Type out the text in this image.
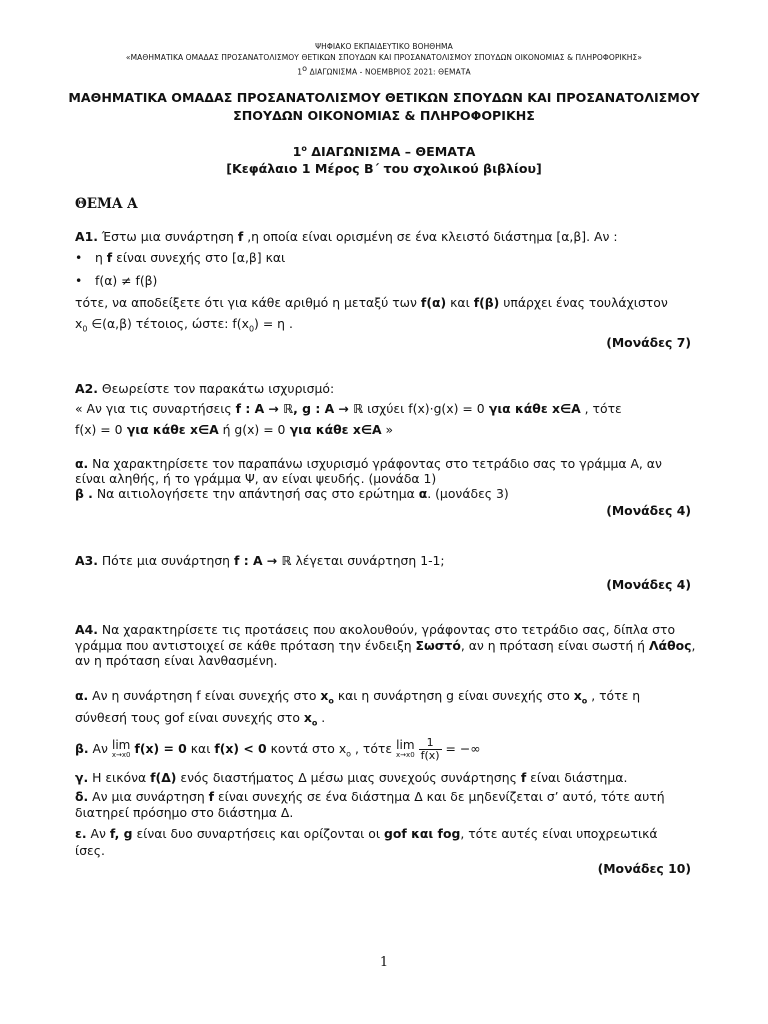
ΨΗΦΙΑΚΟ ΕΚΠΑΙΔΕΥΤΙΚΟ ΒΟΗΘΗΜΑ
«ΜΑΘΗΜΑΤΙΚΑ ΟΜΑΔΑΣ ΠΡΟΣΑΝΑΤΟΛΙΣΜΟΥ ΘΕΤΙΚΩΝ ΣΠΟΥΔΩΝ ΚΑΙ ΠΡΟΣΑΝΑΤΟΛΙΣΜΟΥ ΣΠΟΥΔΩΝ ΟΙΚΟΝΟΜΙΑΣ & ΠΛΗΡΟΦΟΡΙΚΗΣ»
$1^o$ ΔΙΑΓΩΝΙΣΜΑ - ΝΟΕΜΒΡΙΟΣ 2021: ΘΕΜΑΤΑ
ΜΑΘΗΜΑΤΙΚΑ ΟΜΑΔΑΣ ΠΡΟΣΑΝΑΤΟΛΙΣΜΟΥ ΘΕΤΙΚΩΝ ΣΠΟΥΔΩΝ ΚΑΙ ΠΡΟΣΑΝΑΤΟΛΙΣΜΟΥ
ΣΠΟΥΔΩΝ ΟΙΚΟΝΟΜΙΑΣ & ΠΛΗΡΟΦΟΡΙΚΗΣ
$1^o$ ΔΙΑΓΩΝΙΣΜΑ – ΘΕΜΑΤΑ
[Κεφάλαιο 1 Μέρος Β΄ του σχολικού βιβλίου]
ΘΕΜΑ Α
Α1. Έστω μια συνάρτηση f ,η οποία είναι ορισμένη σε ένα κλειστό διάστημα [α,β]. Αν :
• η f είναι συνεχής στο [α,β] και
• f(α) ≠ f(β)
τότε, να αποδείξετε ότι για κάθε αριθμό η μεταξύ των f(α) και f(β) υπάρχει ένας τουλάχιστον
$x_0$ ∈(α,β) τέτοιος, ώστε: $f(x_0) = \eta$ .
(Μονάδες 7)
Α2. Θεωρείστε τον παρακάτω ισχυρισμό:
« Αν για τις συναρτήσεις f : A → ℝ, g : A → ℝ ισχύει f(x)·g(x) = 0 για κάθε x∈A , τότε
f(x) = 0 για κάθε x∈A ή g(x) = 0 για κάθε x∈A »
α. Να χαρακτηρίσετε τον παραπάνω ισχυρισμό γράφοντας στο τετράδιο σας το γράμμα Α, αν
είναι αληθής, ή το γράμμα Ψ, αν είναι ψευδής. (μονάδα 1)
β . Να αιτιολογήσετε την απάντησή σας στο ερώτημα α. (μονάδες 3)
(Μονάδες 4)
Α3. Πότε μια συνάρτηση f : A → ℝ λέγεται συνάρτηση 1-1;
(Μονάδες 4)
Α4. Να χαρακτηρίσετε τις προτάσεις που ακολουθούν, γράφοντας στο τετράδιο σας, δίπλα στο
γράμμα που αντιστοιχεί σε κάθε πρόταση την ένδειξη Σωστό, αν η πρόταση είναι σωστή ή Λάθος,
αν η πρόταση είναι λανθασμένη.
α. Αν η συνάρτηση f είναι συνεχής στο $x_o$ και η συνάρτηση g είναι συνεχής στο $x_o$ , τότε η
σύνθεσή τους gof είναι συνεχής στο $x_o$ .
β. Αν lim
x→x0 f(x) = 0 και f(x) < 0 κοντά στο $x_o$ , τότε lim
x→x0
$\frac{1}{f(x)}$ = −∞
γ. Η εικόνα f(Δ) ενός διαστήματος Δ μέσω μιας συνεχούς συνάρτησης f είναι διάστημα.
δ. Αν μια συνάρτηση f είναι συνεχής σε ένα διάστημα Δ και δε μηδενίζεται σ’ αυτό, τότε αυτή
διατηρεί πρόσημο στο διάστημα Δ.
ε. Αν f, g είναι δυο συναρτήσεις και ορίζονται οι gof και fog, τότε αυτές είναι υποχρεωτικά
ίσες.
(Μονάδες 10)
1
